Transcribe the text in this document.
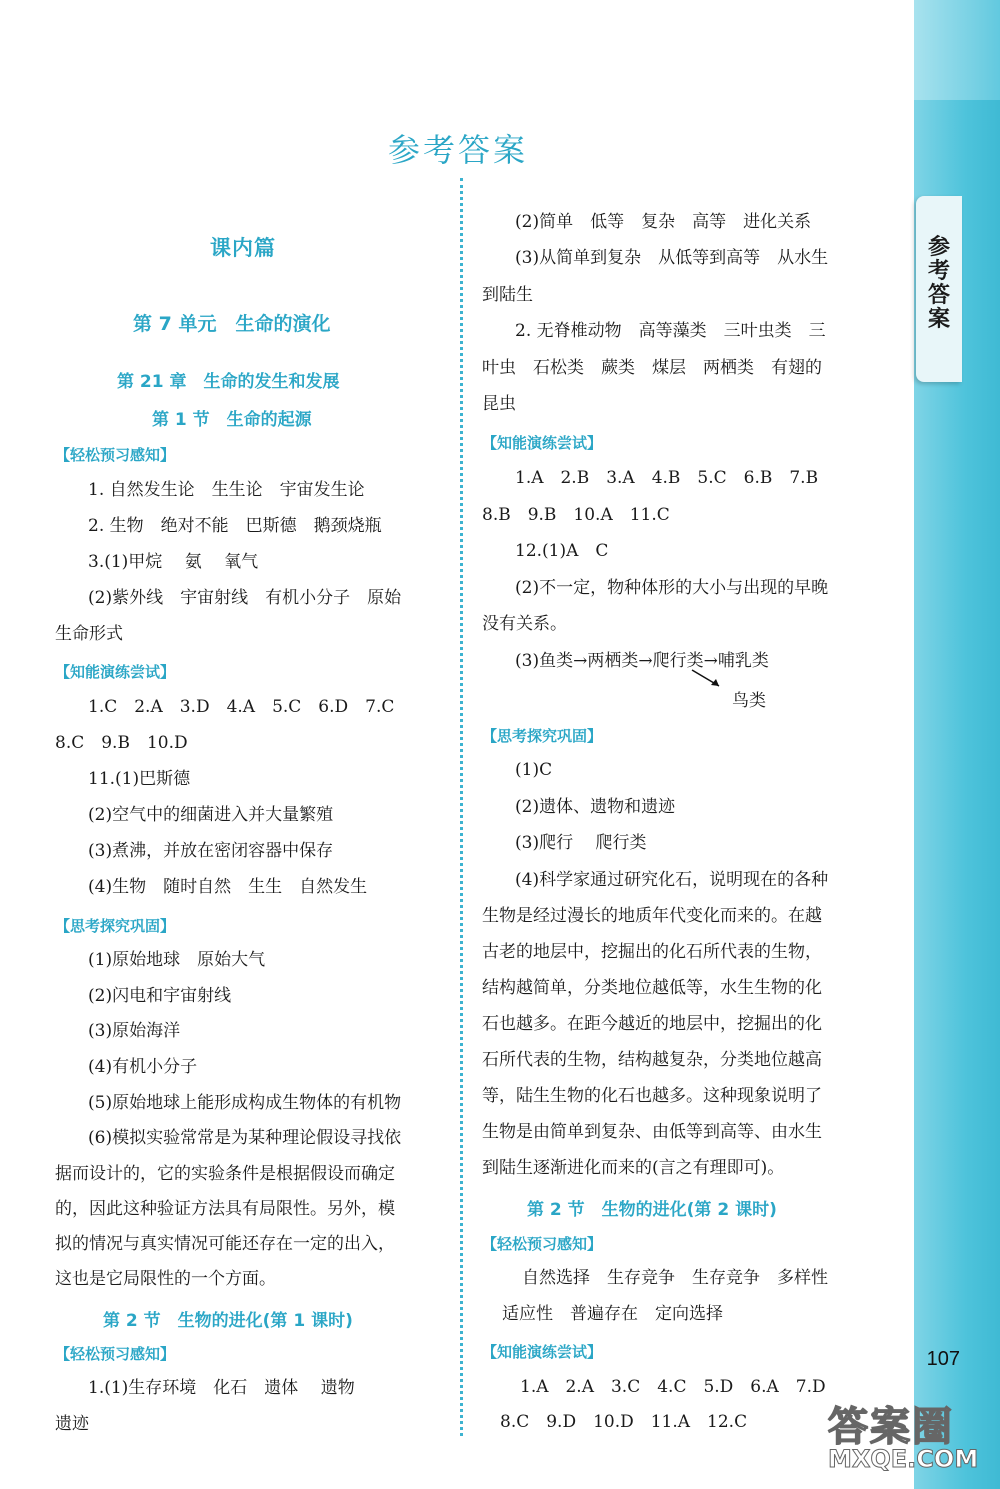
参
考
答
案
107
答案圈
MXQE.COM
参考答案
课内篇
第 7 单元　生命的演化
第 21 章　生命的发生和发展
第 1 节　生命的起源
【轻松预习感知】
1. 自然发生论　生生论　宇宙发生论
2. 生物　绝对不能　巴斯德　鹅颈烧瓶
3.(1)甲烷　 氨　 氧气
(2)紫外线　宇宙射线　有机小分子　原始
生命形式
【知能演练尝试】
1.C　2.A　3.D　4.A　5.C　6.D　7.C
8.C　9.B　10.D
11.(1)巴斯德
(2)空气中的细菌进入并大量繁殖
(3)煮沸，并放在密闭容器中保存
(4)生物　随时自然　生生　自然发生
【思考探究巩固】
(1)原始地球　原始大气
(2)闪电和宇宙射线
(3)原始海洋
(4)有机小分子
(5)原始地球上能形成构成生物体的有机物
(6)模拟实验常常是为某种理论假设寻找依
据而设计的，它的实验条件是根据假设而确定
的，因此这种验证方法具有局限性。另外，模
拟的情况与真实情况可能还存在一定的出入，
这也是它局限性的一个方面。
第 2 节　生物的进化(第 1 课时)
【轻松预习感知】
1.(1)生存环境　化石　遗体　 遗物
遗迹
(2)简单　低等　复杂　高等　进化关系
(3)从简单到复杂　从低等到高等　从水生
到陆生
2. 无脊椎动物　高等藻类　三叶虫类　三
叶虫　石松类　蕨类　煤层　两栖类　有翅的
昆虫
【知能演练尝试】
1.A　2.B　3.A　4.B　5.C　6.B　7.B
8.B　9.B　10.A　11.C
12.(1)A　C
(2)不一定，物种体形的大小与出现的早晚
没有关系。
(3)鱼类→两栖类→爬行类→哺乳类
鸟类
【思考探究巩固】
(1)C
(2)遗体、遗物和遗迹
(3)爬行　 爬行类
(4)科学家通过研究化石，说明现在的各种
生物是经过漫长的地质年代变化而来的。在越
古老的地层中，挖掘出的化石所代表的生物，
结构越简单，分类地位越低等，水生生物的化
石也越多。在距今越近的地层中，挖掘出的化
石所代表的生物，结构越复杂，分类地位越高
等，陆生生物的化石也越多。这种现象说明了
生物是由简单到复杂、由低等到高等、由水生
到陆生逐渐进化而来的(言之有理即可)。
第 2 节　生物的进化(第 2 课时)
【轻松预习感知】
自然选择　生存竞争　生存竞争　多样性
适应性　普遍存在　定向选择
【知能演练尝试】
1.A　2.A　3.C　4.C　5.D　6.A　7.D
8.C　9.D　10.D　11.A　12.C
